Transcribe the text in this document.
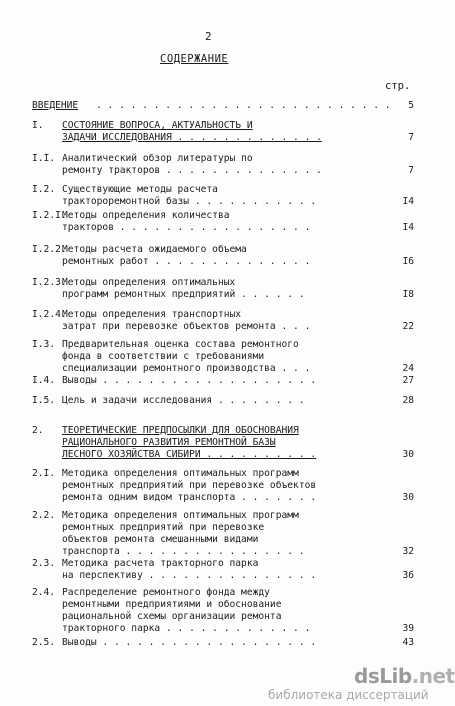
2
СОДЕРЖАНИЕ
стр.
ВВЕДЕНИЕ . . . . . . . . . . . . . . . . . . . . . . . . . .	5
I. СОСТОЯНИЕ ВОПРОСА, АКТУАЛЬНОСТЬ И
ЗАДАЧИ ИССЛЕДОВАНИЯ . . . . . . . . . . . . .	7
I.I. Аналитический обзор литературы по
ремонту тракторов . . . . . . . . . . . . . .	7
I.2. Существующие методы расчета
трактороремонтной базы . . . . . . . . . . .	I4
I.2.I.
Методы определения количества
тракторов . . . . . . . . . . . . . . . . .	I4
I.2.2.
Методы расчета ожидаемого объема
ремонтных работ . . . . . . . . . . . . . .	I6
I.2.3.
Методы определения оптимальных
программ ремонтных предприятий . . . . . .	I8
I.2.4.
Методы определения транспортных
затрат при перевозке объектов ремонта . . .	22
I.3. Предварительная оценка состава ремонтного
фонда в соответствии с требованиями
специализации ремонтного производства . . .	24
I.4. Выводы . . . . . . . . . . . . . . . . . . .	27
I.5. Цель и задачи исследования . . . . . . . .	28
2. ТЕОРЕТИЧЕСКИЕ ПРЕДПОСЫЛКИ ДЛЯ ОБОСНОВАНИЯ
РАЦИОНАЛЬНОГО РАЗВИТИЯ РЕМОНТНОЙ БАЗЫ
ЛЕСНОГО ХОЗЯЙСТВА СИБИРИ . . . . . . . . . .	30
2.I. Методика определения оптимальных программ
ремонтных предприятий при перевозке объектов
ремонта одним видом транспорта . . . . . . .	30
2.2. Методика определения оптимальных программ
ремонтных предприятий при перевозке
объектов ремонта смешанными видами
транспорта . . . . . . . . . . . . . . . .	32
2.3. Методика расчета тракторного парка
на перспективу . . . . . . . . . . . . . . .	36
2.4. Распределение ремонтного фонда между
ремонтными предприятиями и обоснование
рациональной схемы организации ремонта
тракторного парка . . . . . . . . . . . . .	39
2.5. Выводы . . . . . . . . . . . . . . . . . . .	43
dsLib.net
библиотека диссертаций
